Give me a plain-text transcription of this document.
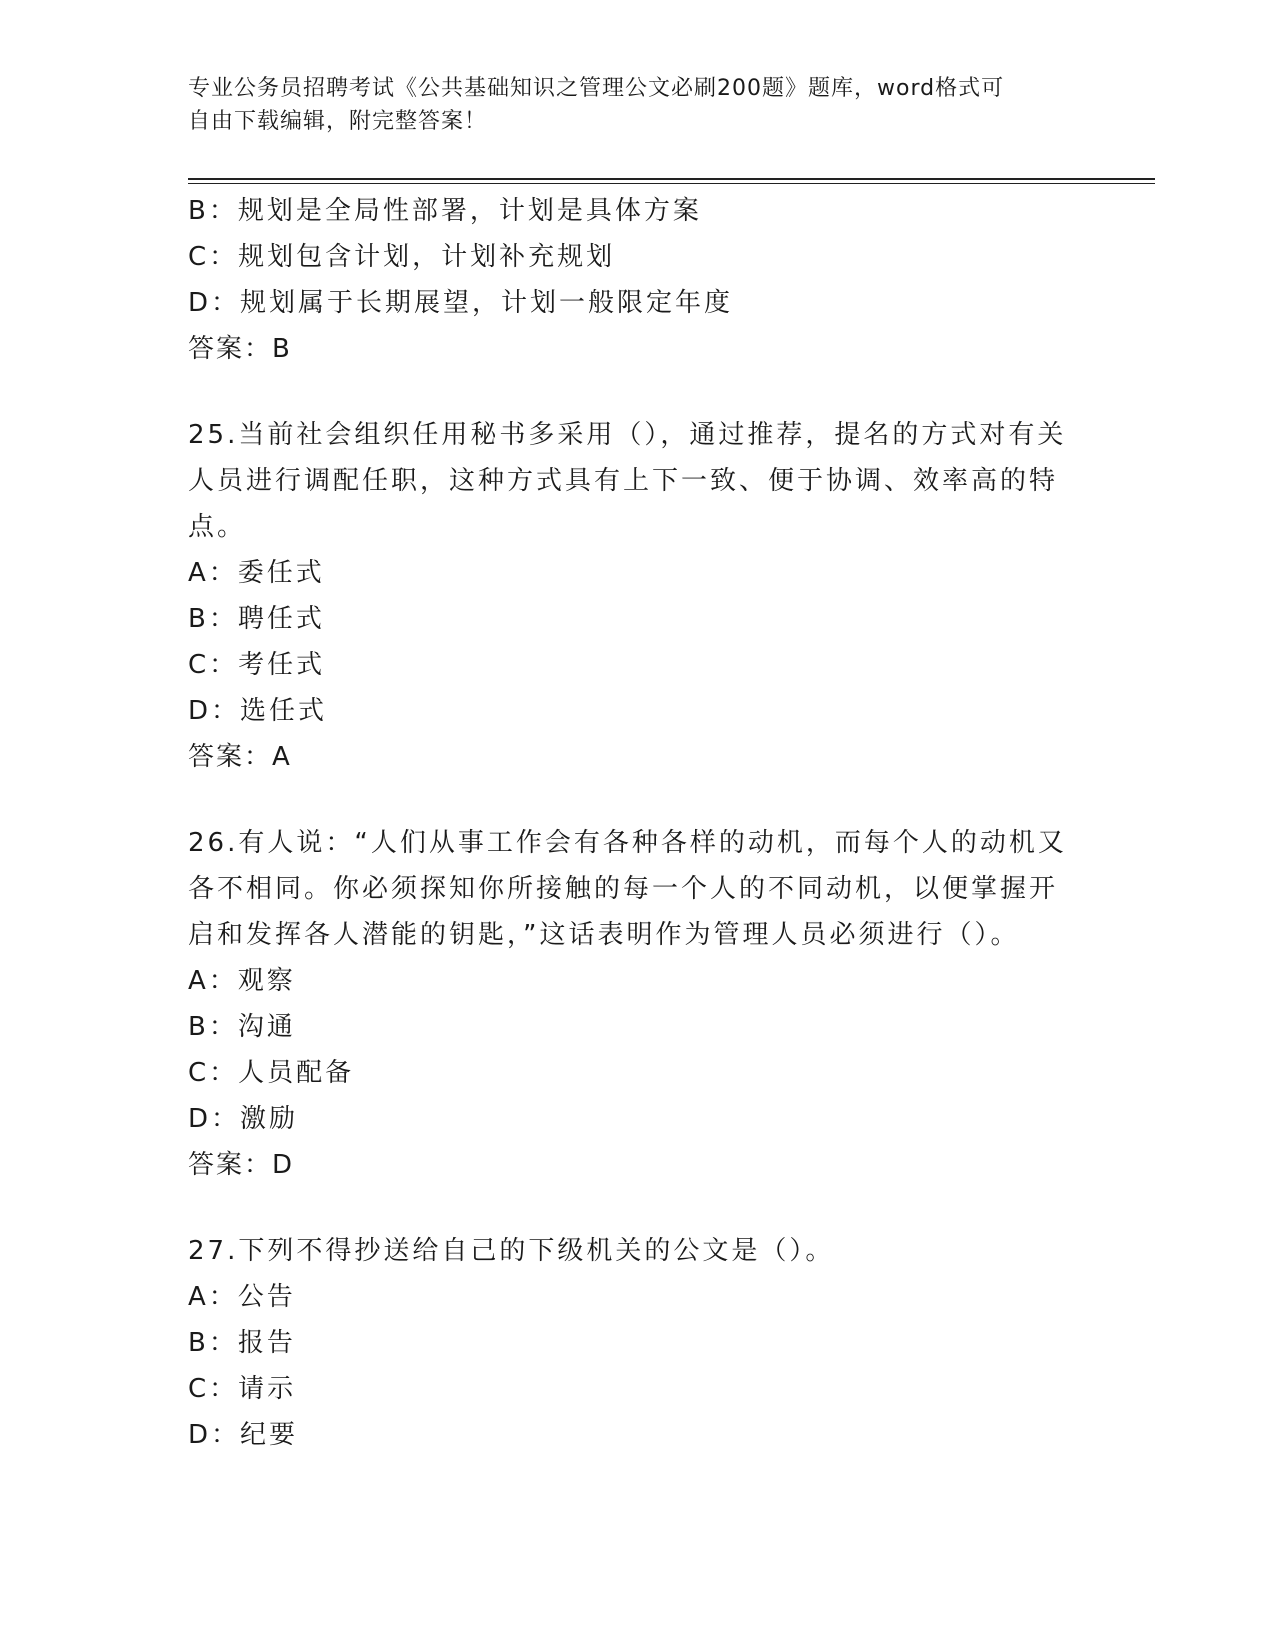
专业公务员招聘考试《公共基础知识之管理公文必刷200题》题库，word格式可
自由下载编辑，附完整答案！

B：规划是全局性部署，计划是具体方案

C：规划包含计划，计划补充规划

D：规划属于长期展望，计划一般限定年度

答案：B

25.当前社会组织任用秘书多采用（），通过推荐，提名的方式对有关

人员进行调配任职，这种方式具有上下一致、便于协调、效率高的特

点。

A：委任式

B：聘任式

C：考任式

D：选任式

答案：A

26.有人说：“人们从事工作会有各种各样的动机，而每个人的动机又

各不相同。你必须探知你所接触的每一个人的不同动机，以便掌握开

启和发挥各人潜能的钥匙，”这话表明作为管理人员必须进行（）。

A：观察

B：沟通

C：人员配备

D：激励

答案：D

27.下列不得抄送给自己的下级机关的公文是（）。

A：公告

B：报告

C：请示

D：纪要
